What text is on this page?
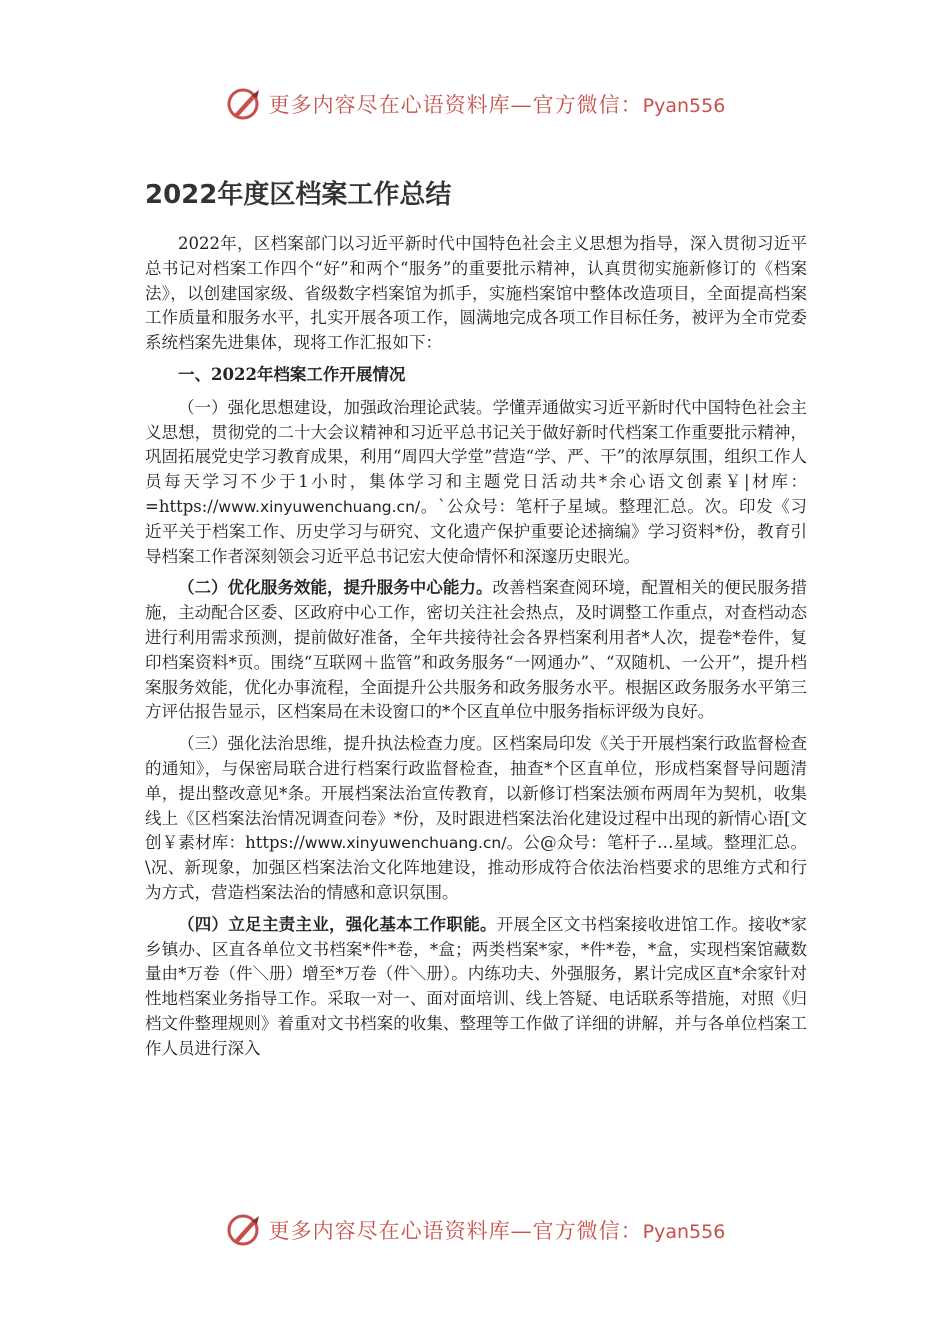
更多内容尽在心语资料库—官方微信：Pyan556
2022年度区档案工作总结

2022年，区档案部门以习近平新时代中国特色社会主义思想为指导，深入贯彻习近平总书记对档案工作四个“好”和两个“服务”的重要批示精神，认真贯彻实施新修订的《档案法》，以创建国家级、省级数字档案馆为抓手，实施档案馆中整体改造项目，全面提高档案工作质量和服务水平，扎实开展各项工作，圆满地完成各项工作目标任务，被评为全市党委系统档案先进集体，现将工作汇报如下：

一、2022年档案工作开展情况

（一）强化思想建设，加强政治理论武装。学懂弄通做实习近平新时代中国特色社会主义思想，贯彻党的二十大会议精神和习近平总书记关于做好新时代档案工作重要批示精神，巩固拓展党史学习教育成果，利用“周四大学堂”营造“学、严、干”的浓厚氛围，组织工作人员每天学习不少于1小时，集体学习和主题党日活动共*余心语文创素￥|材库：=https://www.xinyuwenchuang.cn/。`公众号：笔杆子星域。整理汇总。次。印发《习近平关于档案工作、历史学习与研究、文化遗产保护重要论述摘编》学习资料*份，教育引导档案工作者深刻领会习近平总书记宏大使命情怀和深邃历史眼光。

（二）优化服务效能，提升服务中心能力。改善档案查阅环境，配置相关的便民服务措施，主动配合区委、区政府中心工作，密切关注社会热点，及时调整工作重点，对查档动态进行利用需求预测，提前做好准备，全年共接待社会各界档案利用者*人次，提卷*卷件，复印档案资料*页。围绕“互联网＋监管”和政务服务“一网通办”、“双随机、一公开”，提升档案服务效能，优化办事流程，全面提升公共服务和政务服务水平。根据区政务服务水平第三方评估报告显示，区档案局在未设窗口的*个区直单位中服务指标评级为良好。

（三）强化法治思维，提升执法检查力度。区档案局印发《关于开展档案行政监督检查的通知》，与保密局联合进行档案行政监督检查，抽查*个区直单位，形成档案督导问题清单，提出整改意见*条。开展档案法治宣传教育，以新修订档案法颁布两周年为契机，收集线上《区档案法治情况调查问卷》*份，及时跟进档案法治化建设过程中出现的新情心语[文创￥素材库：https://www.xinyuwenchuang.cn/。公@众号：笔杆子…星域。整理汇总。\况、新现象，加强区档案法治文化阵地建设，推动形成符合依法治档要求的思维方式和行为方式，营造档案法治的情感和意识氛围。

（四）立足主责主业，强化基本工作职能。开展全区文书档案接收进馆工作。接收*家乡镇办、区直各单位文书档案*件*卷，*盒；两类档案*家，*件*卷，*盒，实现档案馆藏数量由*万卷（件＼册）增至*万卷（件＼册）。内练功夫、外强服务，累计完成区直*余家针对性地档案业务指导工作。采取一对一、面对面培训、线上答疑、电话联系等措施，对照《归档文件整理规则》着重对文书档案的收集、整理等工作做了详细的讲解，并与各单位档案工作人员进行深入

更多内容尽在心语资料库—官方微信：Pyan556
